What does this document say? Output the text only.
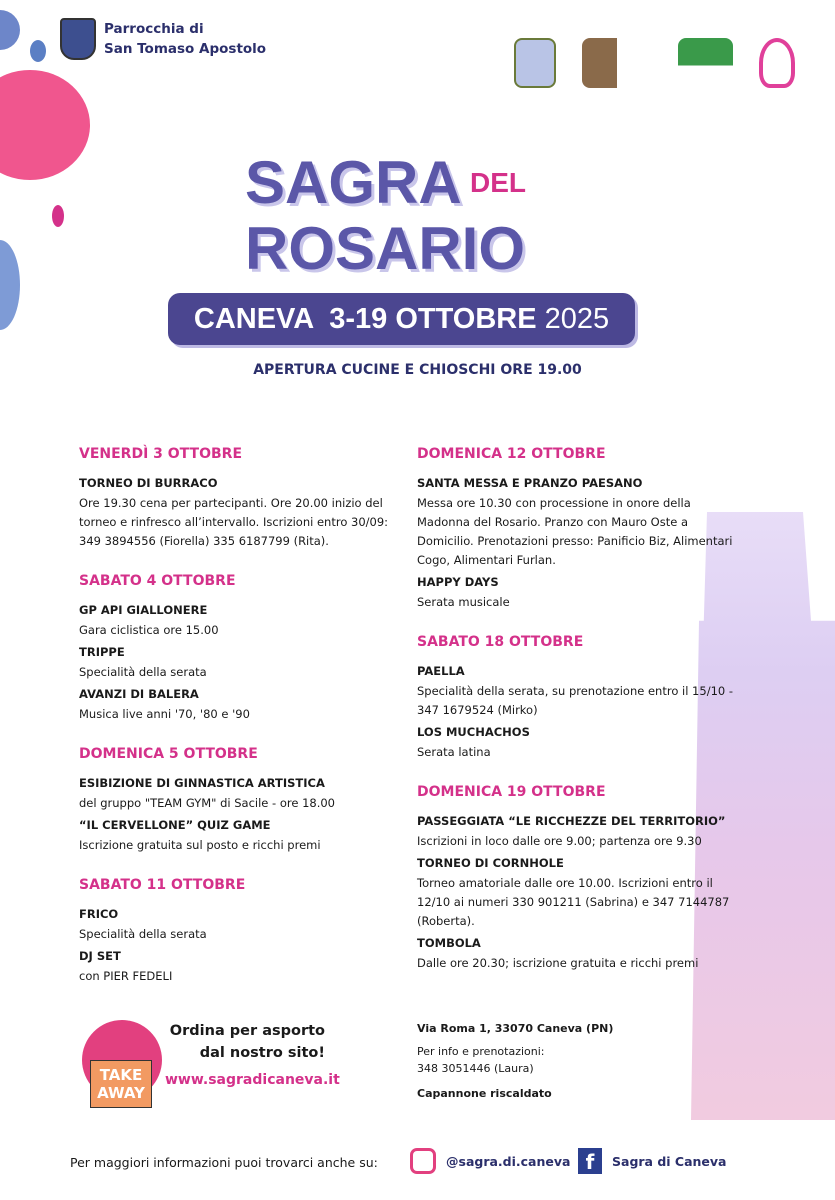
Parrocchia di
San Tomaso Apostolo
SAGRA
ROSARIO
DEL
CANEVA  3-19 OTTOBRE 2025
APERTURA CUCINE E CHIOSCHI ORE 19.00
VENERDÌ 3 OTTOBRE
TORNEO DI BURRACO
Ore 19.30 cena per partecipanti. Ore 20.00 inizio del torneo e rinfresco all’intervallo. Iscrizioni entro 30/09: 349 3894556 (Fiorella) 335 6187799 (Rita).
SABATO 4 OTTOBRE
GP API GIALLONERE
Gara ciclistica ore 15.00
TRIPPE
Specialità della serata
AVANZI DI BALERA
Musica live anni '70, '80 e '90
DOMENICA 5 OTTOBRE
ESIBIZIONE DI GINNASTICA ARTISTICA
del gruppo "TEAM GYM" di Sacile - ore 18.00
“IL CERVELLONE” QUIZ GAME
Iscrizione gratuita sul posto e ricchi premi
SABATO 11 OTTOBRE
FRICO
Specialità della serata
DJ SET
con PIER FEDELI
DOMENICA 12 OTTOBRE
SANTA MESSA E PRANZO PAESANO
Messa ore 10.30 con processione in onore della Madonna del Rosario. Pranzo con Mauro Oste a Domicilio. Prenotazioni presso: Panificio Biz, Alimentari Cogo, Alimentari Furlan.
HAPPY DAYS
Serata musicale
SABATO 18 OTTOBRE
PAELLA
Specialità della serata, su prenotazione entro il 15/10 - 347 1679524 (Mirko)
LOS MUCHACHOS
Serata latina
DOMENICA 19 OTTOBRE
PASSEGGIATA “LE RICCHEZZE DEL TERRITORIO”
Iscrizioni in loco dalle ore 9.00; partenza ore 9.30
TORNEO DI CORNHOLE
Torneo amatoriale dalle ore 10.00. Iscrizioni entro il 12/10 ai numeri 330 901211 (Sabrina) e 347 7144787 (Roberta).
TOMBOLA
Dalle ore 20.30; iscrizione gratuita e ricchi premi
TAKE AWAY
Ordina per asporto
dal nostro sito!
www.sagradicaneva.it
Via Roma 1, 33070 Caneva (PN)
Per info e prenotazioni:
348 3051446 (Laura)
Capannone riscaldato
Per maggiori informazioni puoi trovarci anche su:	@sagra.di.caneva f	Sagra di Caneva
